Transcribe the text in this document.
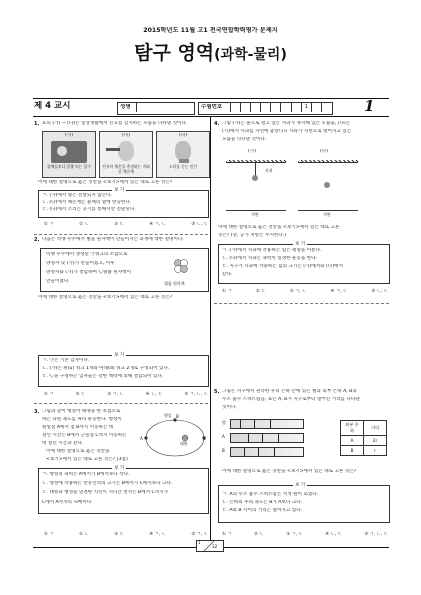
2015학년도 11월 고1 전국연합학력평가 문제지
탐구 영역(과학-물리)
제 4 교시	성명	수험번호	1	1
1. 표의 (가) ~ (다)는 일상생활에서 신호를 감지하는 모습을 나타낸 것이다.
(가)
물체들보다 일출 또는 일수
(나)
전자의 체온을 측정하는 적외선 체온계
(다)
소리를 듣는 인간
이에 대한 설명으로 옳은 것만을 <보기>에서 있는 대로 고른 것은?
보 기
ㄱ. (가)에서 빛은 전달되지 않는다.
ㄴ. (나)에서 체온계는 물체의 열에 반응한다.
ㄷ. (다)에서 소리는 공기를 통해서만 전달된다.
① ㄱ	② ㄴ	③ ㄷ	④ ㄱ, ㄴ	⑤ ㄴ, ㄷ
2. 다음은 빅뱅 우주에서 별을 원자핵이 만들어지는 과정에 대한 설명이다.
빅뱅 우주에서 생성된 ㉠쿼크의 조합으로
양성자 및 (가)가 만들어졌고, 이후
양성자와 (가)가 결합하여 ㉡헬륨 원자핵이
만들어졌다.	헬륨 원자핵
이에 대한 설명으로 옳은 것만을 <보기>에서 있는 대로 고른 것은?
보 기
ㄱ. ㉠은 기본 입자이다.
ㄴ. (가)는 위(u) 쿼크 1개와 아래(d) 쿼크 2개로 구성되어 있다.
ㄷ. ㉡을 구성하는 입자들은 강한 핵력에 의해 결합되어 있다.
① ㄱ	② ㄷ	③ ㄱ, ㄴ	④ ㄴ, ㄷ	⑤ ㄱ, ㄴ, ㄷ
3. 그림과 같이 행성이 태양을 한 초점으로
하는 타원 궤도를 따라 운동한다. 행성이
원일점 A에서 점 B까지 이동하는 데
걸린 시간은 B에서 근일점 C까지 이동하는
데 걸린 시간과 같다.
이에 대한 설명으로 옳은 것만을
<보기>에서 있는 대로 고른 것은? [3점]
A
B
C
태양
행성
보 기
ㄱ. 행성의 속력은 A에서가 B에서보다 작다.
ㄴ. 행성에 작용하는 만유인력의 크기는 B에서가 C에서보다 크다.
ㄷ. 태양과 행성을 연결한 직선이 지나간 면적은 B에서 C까지가
C에서 A까지의 ½배이다.
① ㄱ	② ㄴ	③ ㄷ	④ ㄱ, ㄴ	⑤ ㄱ, ㄷ
4. 그림 (가)는 줄으로 걸고 있는 사과가 정지해 있는 모습을, (나)는
(가)에서 사과를 자연에 놓았더니 사과가 지면으로 떨어지고 있는
모습을 나타낸 것이다.
(가)	(나)
사과
지면	지면
이에 대한 설명으로 옳은 것만을 <보기>에서 있는 대로 고른
것은? (단, 공기 저항은 무시한다.)
보 기
ㄱ. (가)에서 사과에 작용하는 힘은 평형을 이룬다.
ㄴ. (나)에서 사과는 속력이 일정한 운동을 한다.
ㄷ. 지구가 사과에 작용하는 힘의 크기는 (가)에서와 (나)에서
같다.
① ㄱ	② ㄷ	③ ㄱ, ㄴ	④ ㄱ, ㄷ	⑤ ㄴ, ㄷ
5. 그림은 지구에서 관측한 우리 은하 안에 있는 별과 외부 은하 A, B의
수소 흡수 스펙트럼을, 표는 A, B가 지구로부터 멀어진 거리를 나타낸
것이다.
별
A
B
외부 은하	거리
A	2r
B	r
이에 대한 설명으로 옳은 것만을 <보기>에서 있는 대로 고른 것은?
보 기
ㄱ. A의 수소 흡수 스펙트럼은 적색 편이 되었다.
ㄴ. 은하의 후퇴 속도는 B가 A보다 크다.
ㄷ. A와 B 사이의 거리는 멀어지고 있다.
① ㄱ	② ㄴ	③ ㄱ, ㄷ	④ ㄴ, ㄷ	⑤ ㄱ, ㄴ, ㄷ
1
32
